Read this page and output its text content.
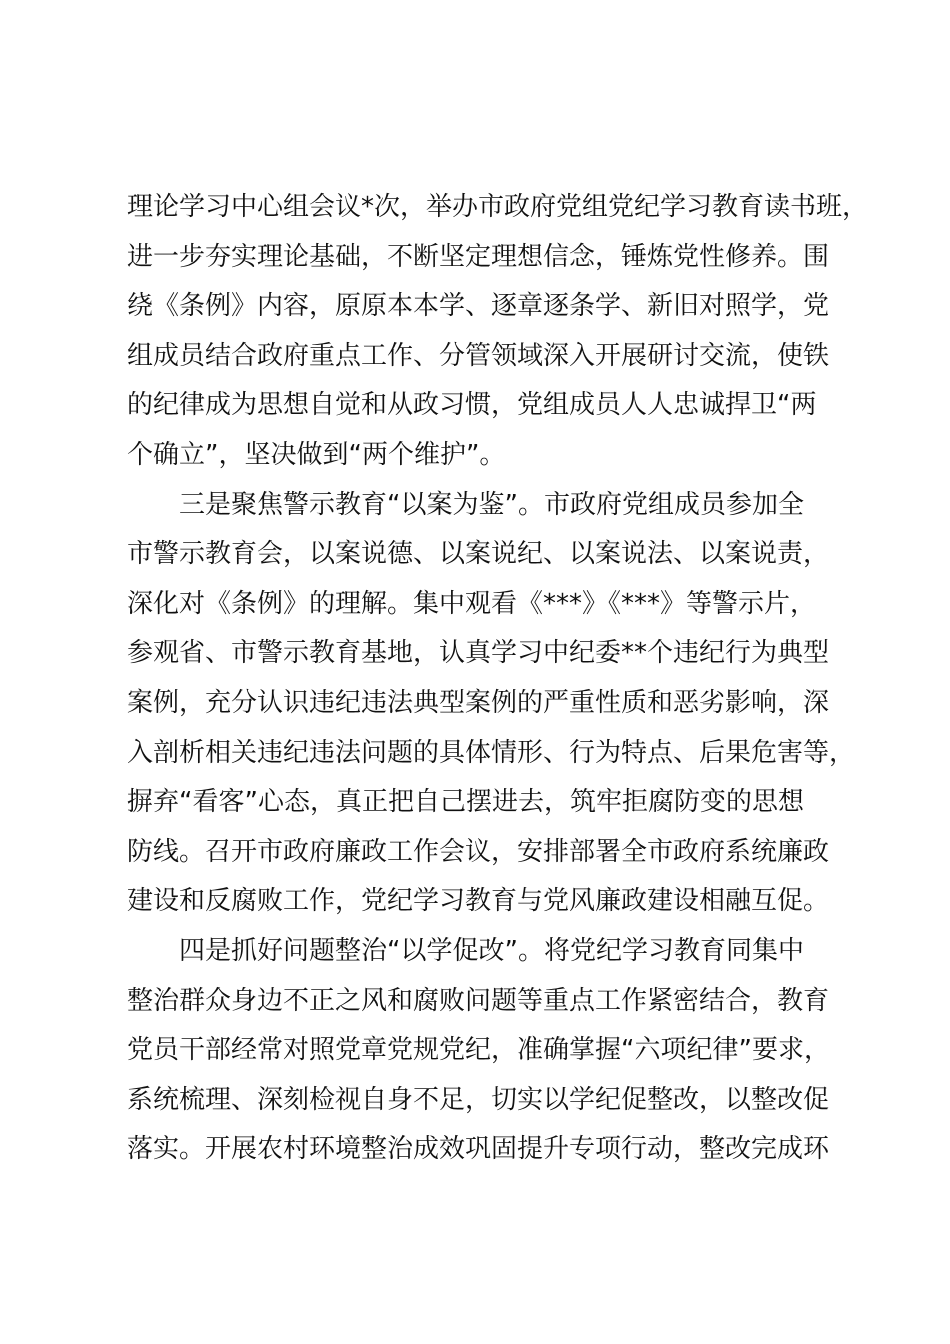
理论学习中心组会议*次，举办市政府党组党纪学习教育读书班，
进一步夯实理论基础，不断坚定理想信念，锤炼党性修养。围
绕《条例》内容，原原本本学、逐章逐条学、新旧对照学，党
组成员结合政府重点工作、分管领域深入开展研讨交流，使铁
的纪律成为思想自觉和从政习惯，党组成员人人忠诚捍卫“两
个确立”，坚决做到“两个维护”。
三是聚焦警示教育“以案为鉴”。市政府党组成员参加全
市警示教育会，以案说德、以案说纪、以案说法、以案说责，
深化对《条例》的理解。集中观看《***》《***》等警示片，
参观省、市警示教育基地，认真学习中纪委**个违纪行为典型
案例，充分认识违纪违法典型案例的严重性质和恶劣影响，深
入剖析相关违纪违法问题的具体情形、行为特点、后果危害等，
摒弃“看客”心态，真正把自己摆进去，筑牢拒腐防变的思想
防线。召开市政府廉政工作会议，安排部署全市政府系统廉政
建设和反腐败工作，党纪学习教育与党风廉政建设相融互促。
四是抓好问题整治“以学促改”。将党纪学习教育同集中
整治群众身边不正之风和腐败问题等重点工作紧密结合，教育
党员干部经常对照党章党规党纪，准确掌握“六项纪律”要求，
系统梳理、深刻检视自身不足，切实以学纪促整改，以整改促
落实。开展农村环境整治成效巩固提升专项行动，整改完成环
